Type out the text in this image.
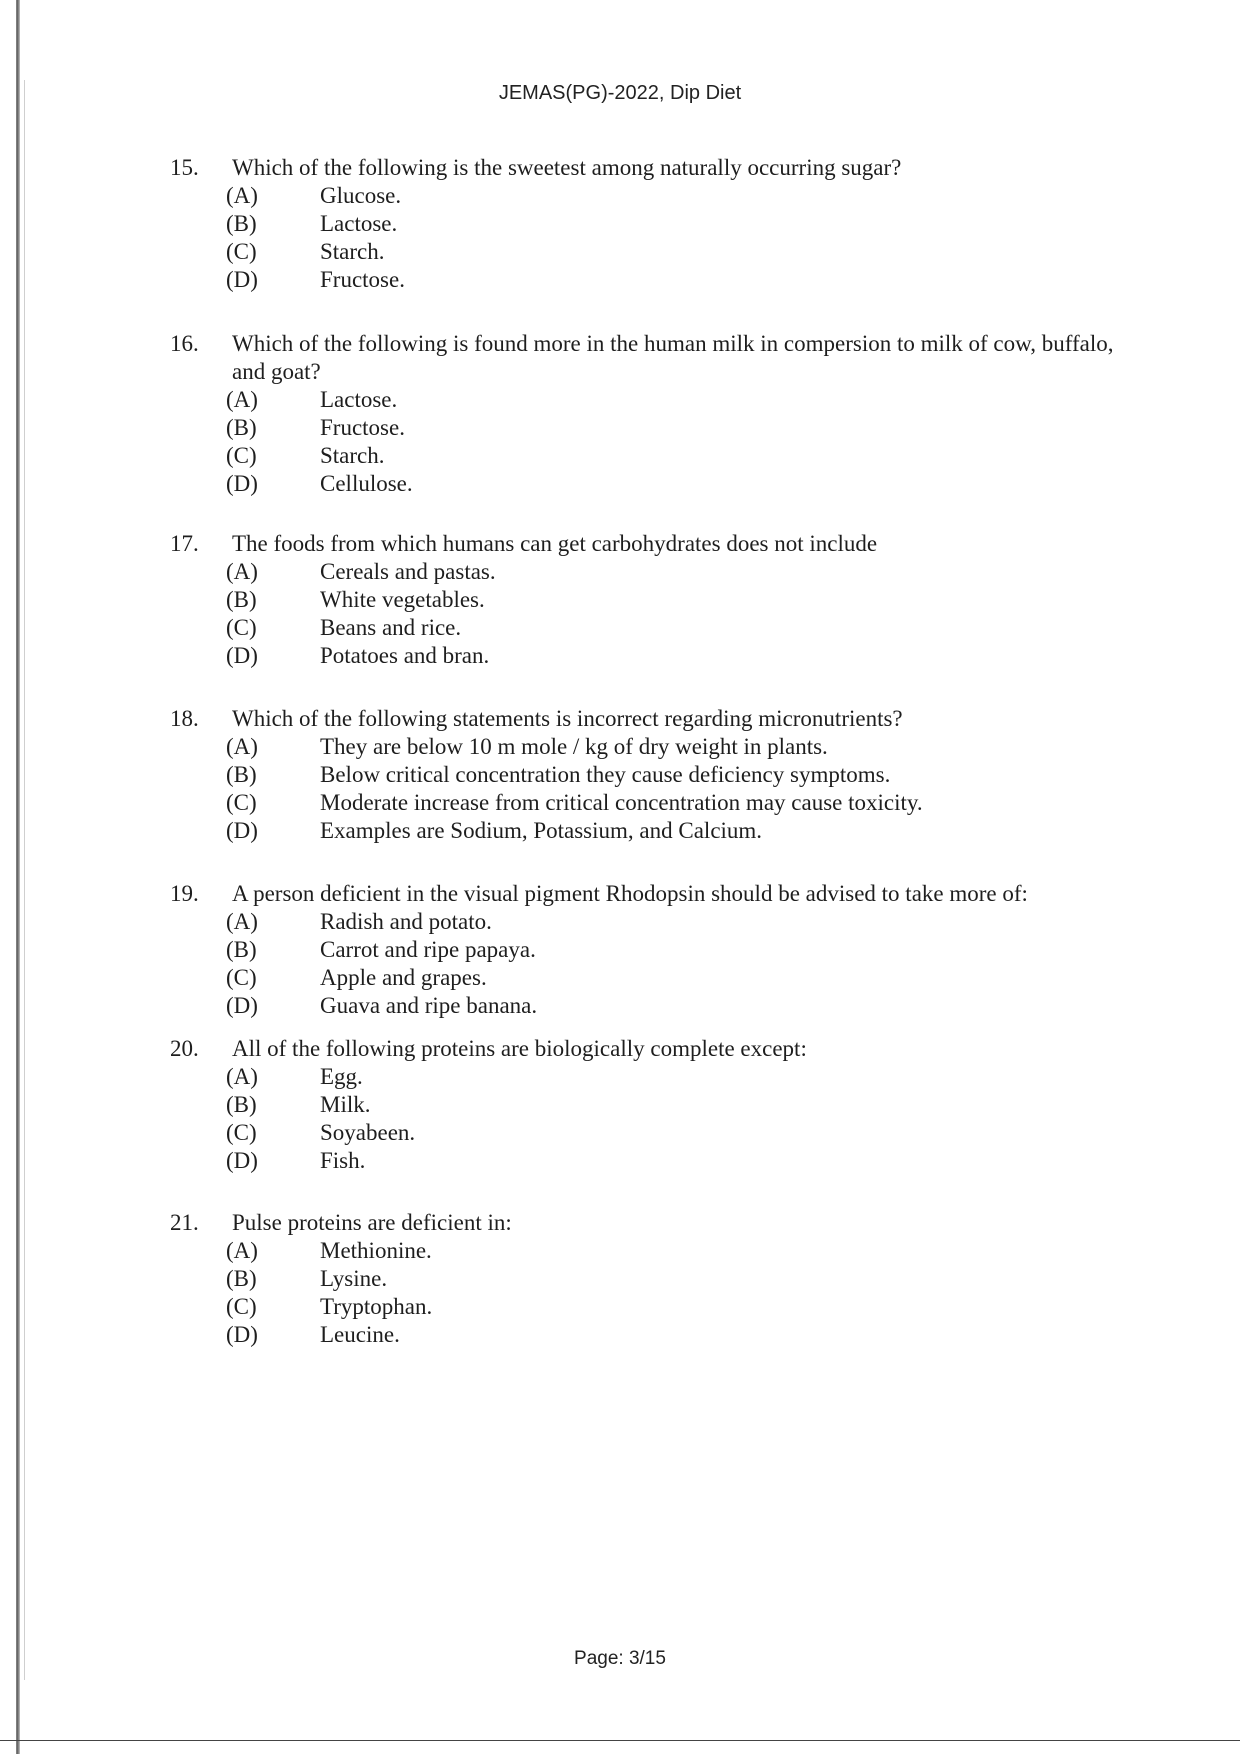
JEMAS(PG)-2022, Dip Diet
15. Which of the following is the sweetest among naturally occurring sugar?
(A)	Glucose.
(B)	Lactose.
(C)	Starch.
(D)	Fructose.
16. Which of the following is found more in the human milk in compersion to milk of cow, buffalo, and goat?
(A)	Lactose.
(B)	Fructose.
(C)	Starch.
(D)	Cellulose.
17. The foods from which humans can get carbohydrates does not include
(A)	Cereals and pastas.
(B)	White vegetables.
(C)	Beans and rice.
(D)	Potatoes and bran.
18. Which of the following statements is incorrect regarding micronutrients?
(A)	They are below 10 m mole / kg of dry weight in plants.
(B)	Below critical concentration they cause deficiency symptoms.
(C)	Moderate increase from critical concentration may cause toxicity.
(D)	Examples are Sodium, Potassium, and Calcium.
19. A person deficient in the visual pigment Rhodopsin should be advised to take more of:
(A)	Radish and potato.
(B)	Carrot and ripe papaya.
(C)	Apple and grapes.
(D)	Guava and ripe banana.
20. All of the following proteins are biologically complete except:
(A)	Egg.
(B)	Milk.
(C)	Soyabeen.
(D)	Fish.
21. Pulse proteins are deficient in:
(A)	Methionine.
(B)	Lysine.
(C)	Tryptophan.
(D)	Leucine.
Page: 3/15
